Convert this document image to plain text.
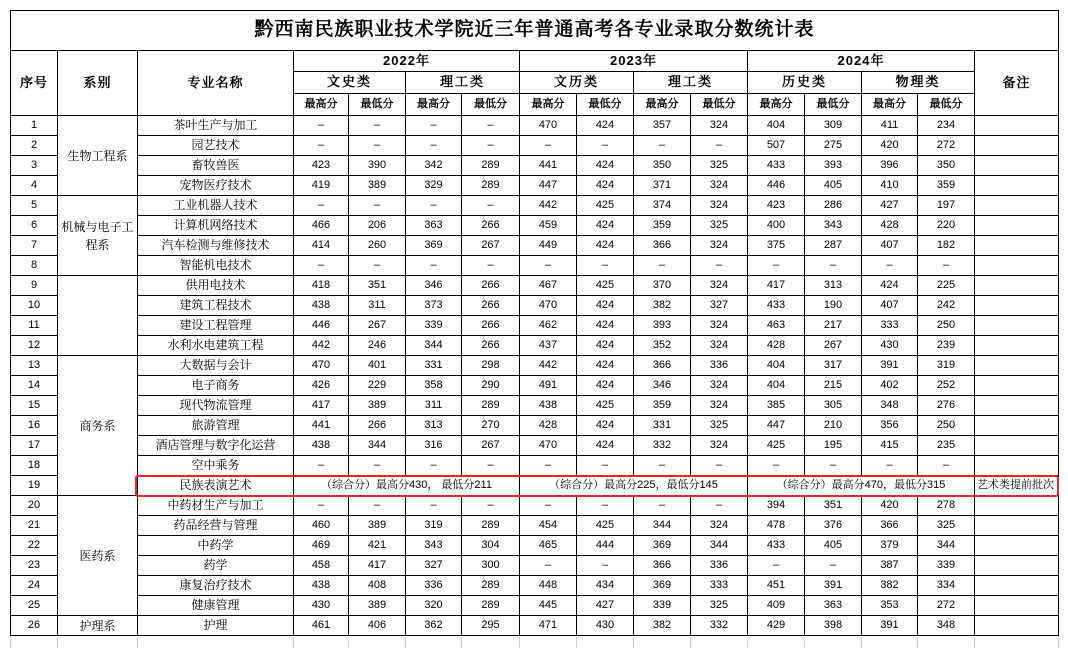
黔西南民族职业技术学院近三年普通高考各专业录取分数统计表															
序号	系别	专业名称	2022年				2023年				2024年				备注
			文史类		理工类		文历类		理工类		历史类		物理类		
			最高分	最低分	最高分	最低分	最高分	最低分	最高分	最低分	最高分	最低分	最高分	最低分	
1	生物工程系	茶叶生产与加工	–	–	–	–	470	424	357	324	404	309	411	234	
2		园艺技术	–	–	–	–	–	–	–	–	507	275	420	272	
3		畜牧兽医	423	390	342	289	441	424	350	325	433	393	396	350	
4		宠物医疗技术	419	389	329	289	447	424	371	324	446	405	410	359	
5	机械与电子工程系	工业机器人技术	–	–	–	–	442	425	374	324	423	286	427	197	
6		计算机网络技术	466	206	363	266	459	424	359	325	400	343	428	220	
7		汽车检测与维修技术	414	260	369	267	449	424	366	324	375	287	407	182	
8		智能机电技术	–	–	–	–	–	–	–	–	–	–	–	–	
9		供用电技术	418	351	346	266	467	425	370	324	417	313	424	225	
10		建筑工程技术	438	311	373	266	470	424	382	327	433	190	407	242	
11		建设工程管理	446	267	339	266	462	424	393	324	463	217	333	250	
12		水利水电建筑工程	442	246	344	266	437	424	352	324	428	267	430	239	
13	商务系	大数据与会计	470	401	331	298	442	424	366	336	404	317	391	319	
14		电子商务	426	229	358	290	491	424	346	324	404	215	402	252	
15		现代物流管理	417	389	311	289	438	425	359	324	385	305	348	276	
16		旅游管理	441	266	313	270	428	424	331	325	447	210	356	250	
17		酒店管理与数字化运营	438	344	316	267	470	424	332	324	425	195	415	235	
18		空中乘务	–	–	–	–	–	–	–	–	–	–	–	–	
19		民族表演艺术	（综合分）最高分430， 最低分211				（综合分）最高分225，最低分145				（综合分）最高分470，最低分315				艺术类提前批次
20	医药系	中药材生产与加工	–	–	–	–	–	–	–	–	394	351	420	278	
21		药品经营与管理	460	389	319	289	454	425	344	324	478	376	366	325	
22		中药学	469	421	343	304	465	444	369	344	433	405	379	344	
23		药学	458	417	327	300	–	–	366	336	–	–	387	339	
24		康复治疗技术	438	408	336	289	448	434	369	333	451	391	382	334	
25		健康管理	430	389	320	289	445	427	339	325	409	363	353	272	
26	护理系	护理	461	406	362	295	471	430	382	332	429	398	391	348	
